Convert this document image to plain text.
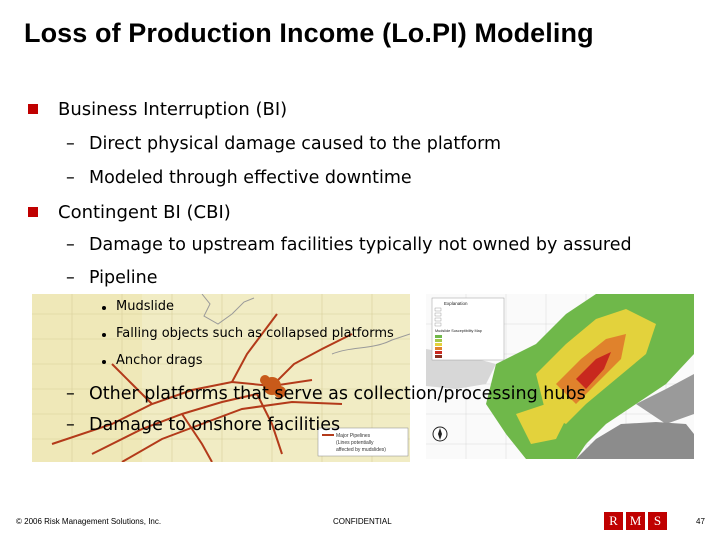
Loss of Production Income (Lo.PI) Modeling
Major Pipelines
(Lines potentially
affected by mudslides)
Explanation
Mudslide Susceptibility Map
Business Interruption (BI)
– Direct physical damage caused to the platform
– Modeled through effective downtime
Contingent BI (CBI)
– Damage to upstream facilities typically not owned by assured
– Pipeline
Mudslide
Falling objects such as collapsed platforms
Anchor drags
– Other platforms that serve as collection/processing hubs
– Damage to onshore facilities
© 2006 Risk Management Solutions, Inc.	CONFIDENTIAL	R M S	47
